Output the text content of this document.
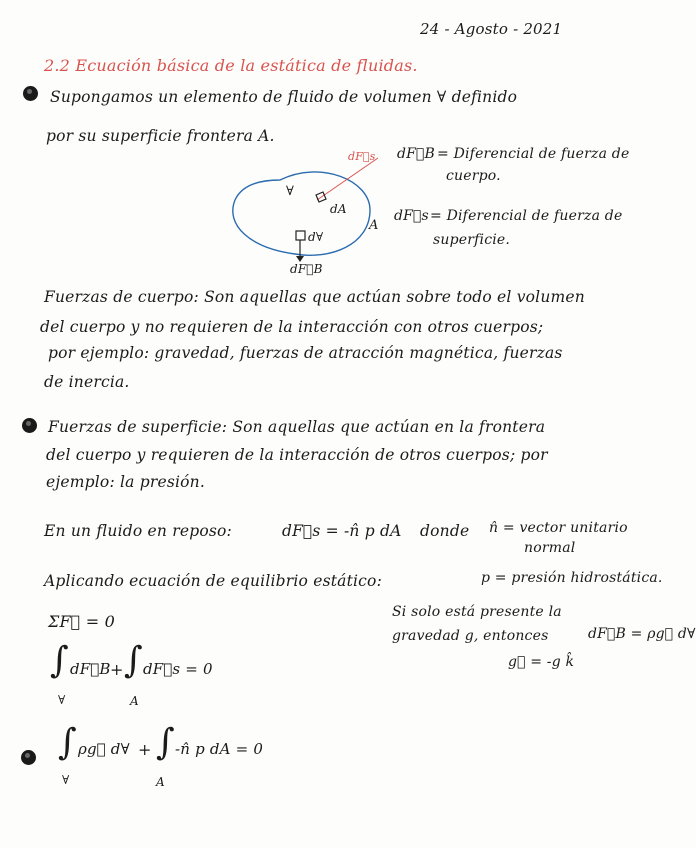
24 - Agosto - 2021
2.2 Ecuación básica de la estática de fluidas.
Supongamos un elemento de fluido de volumen ∀ definido
por su superficie frontera A.
∀
dA
A
d∀
dF⃗s
dF⃗B
dF⃗B = Diferencial de fuerza de
cuerpo.
dF⃗s = Diferencial de fuerza de
superficie.
Fuerzas de cuerpo: Son aquellas que actúan sobre todo el volumen
del cuerpo y no requieren de la interacción con otros cuerpos;
por ejemplo: gravedad, fuerzas de atracción magnética, fuerzas
de inercia.
Fuerzas de superficie: Son aquellas que actúan en la frontera
del cuerpo y requieren de la interacción de otros cuerpos; por
ejemplo: la presión.
En un fluido en reposo:	dF⃗s = -n̂ p dA donde n̂ = vector unitario
normal
Aplicando ecuación de equilibrio estático:	p = presión hidrostática.
ΣF⃗ = 0	Si solo está presente la
gravedad g, entonces	dF⃗B = ρg⃗ d∀
g⃗ = -g k̂
∫ dF⃗B
∀
+ ∫ dF⃗s = 0
A
∫ ρg⃗ d∀
∀
+ ∫ -n̂ p dA = 0
A
